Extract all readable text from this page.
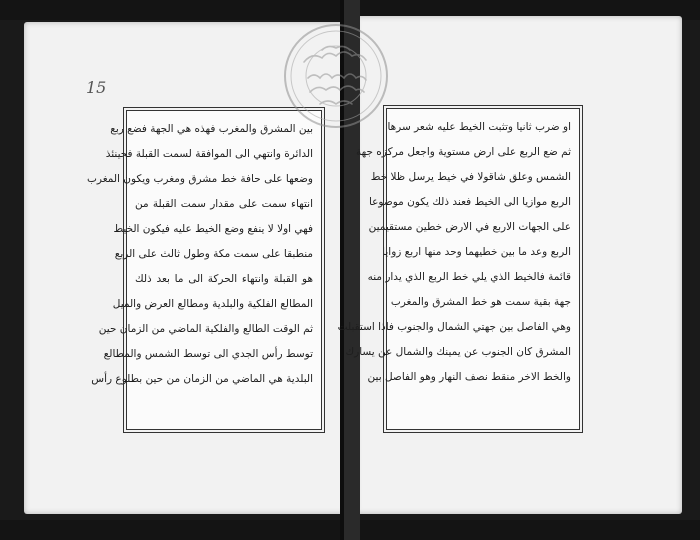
15
بين المشرق والمغرب فهذه هي الجهة فضع ربع
الدائرة وانتهي الى الموافقة لسمت القبلة فحينئذ
وضعها على حافة خط مشرق ومغرب ويكون المغرب
انتهاء سمت على مقدار سمت القبلة من
فهي اولا لا ينفع وضع الخيط عليه فيكون الخيط
منطبقا على سمت مكة وطول ثالث على الربع
هو القبلة وانتهاء الحركة الى ما بعد ذلك
المطالع الفلكية والبلدية ومطالع العرض والميل
ثم الوقت الطالع والفلكية الماضي من الزمان حين
توسط رأس الجدي الى توسط الشمس والمطالع
البلدية هي الماضي من الزمان من حين بطلوع رأس
او ضرب ثانيا وتثبت الخيط عليه شعر سرها
ثم ضع الربع على ارض مستوية واجعل مركزه جهة
الشمس وعلق شاقولا في خيط يرسل ظلا خط
الربع موازيا الى الخيط فعند ذلك يكون موضوعا
على الجهات الاربع في الارض خطين مستقيمين
الربع وعد ما بين خطيهما وحد منها اربع زوايا
قائمة فالخيط الذي يلي خط الربع الذي يدار منه
جهة بقية سمت هو خط المشرق والمغرب
وهي الفاصل بين جهتي الشمال والجنوب فاذا استقبلت
المشرق كان الجنوب عن يمينك والشمال عن يسارك
والخط الاخر منقط نصف النهار وهو الفاصل بين
